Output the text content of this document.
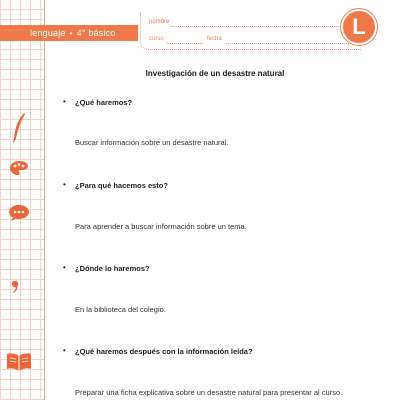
lenguaje • 4° básico
nombre
curso	fecha	L
Investigación de un desastre natural
• ¿Qué haremos?
Buscar información sobre un desastre natural.
• ¿Para qué hacemos esto?
Para aprender a buscar información sobre un tema.
• ¿Dónde lo haremos?
En la biblioteca del colegio.
• ¿Qué haremos después con la información leída?
Preparar una ficha explicativa sobre un desastre natural para presentar al curso.
